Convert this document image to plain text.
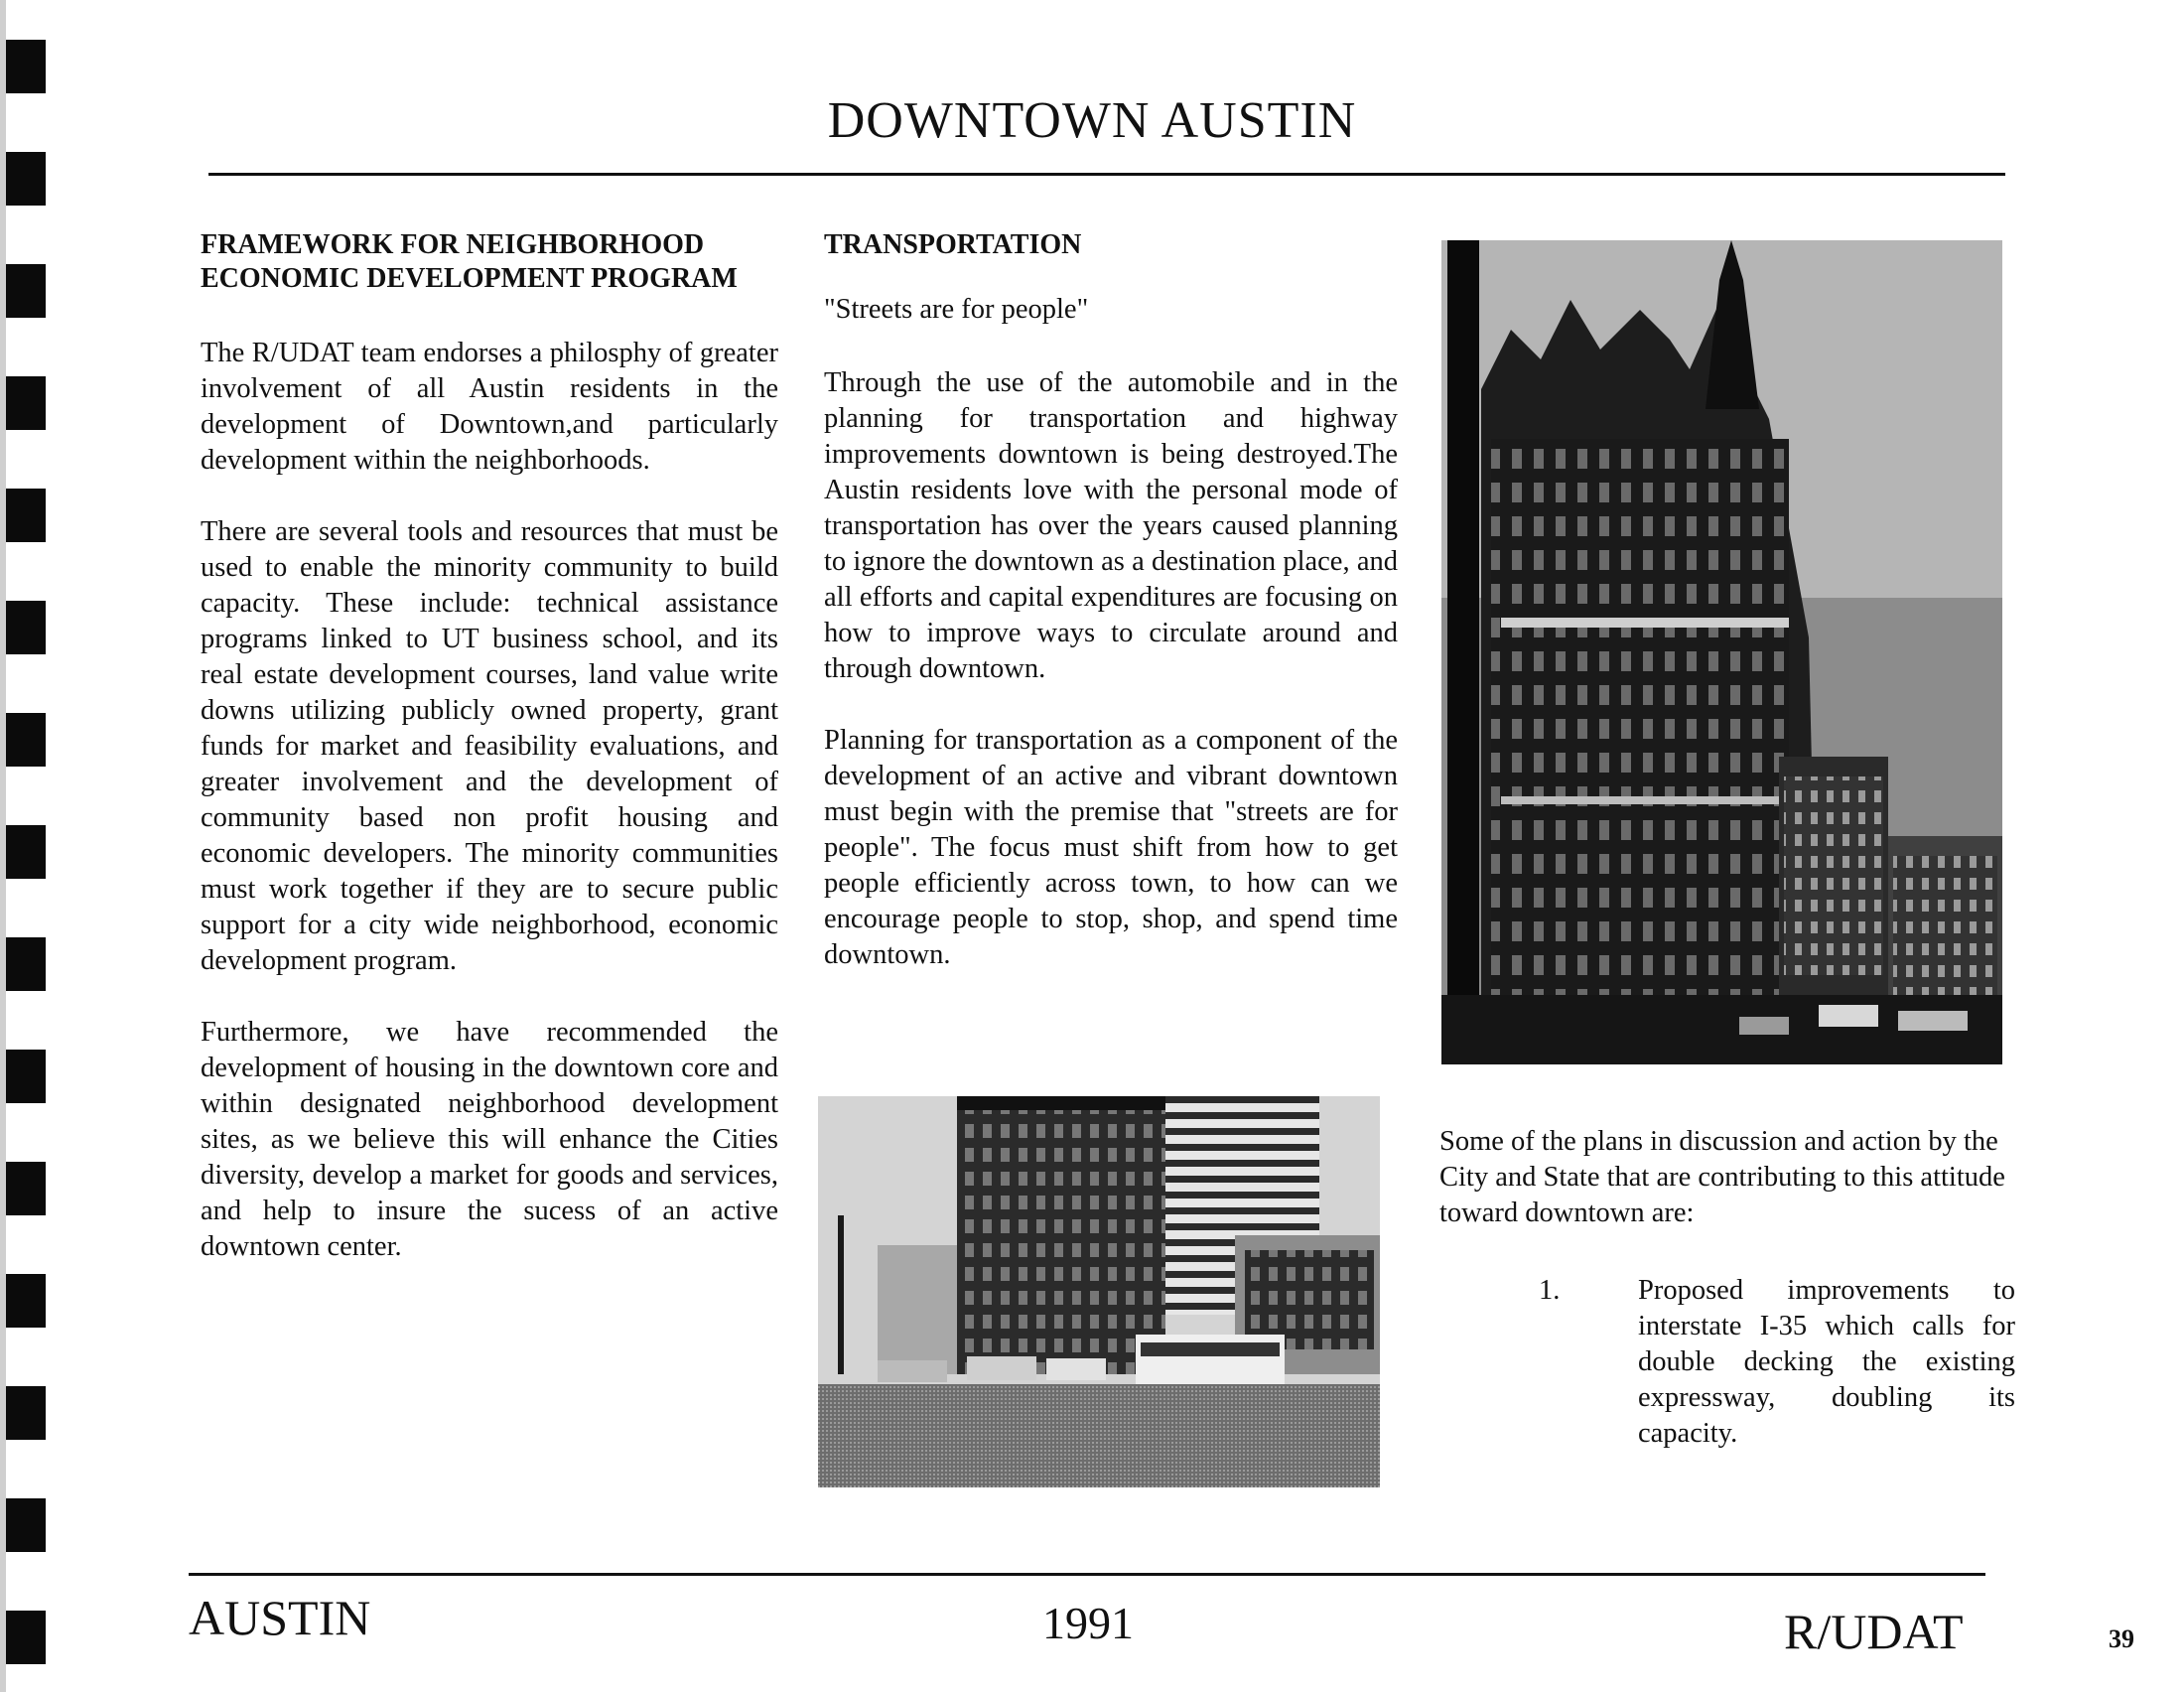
DOWNTOWN AUSTIN
FRAMEWORK FOR NEIGHBORHOOD
ECONOMIC DEVELOPMENT PROGRAM

The R/UDAT team endorses a philosphy of greater involvement of all Austin residents in the development of Downtown,and particularly development within the neighborhoods.

There are several tools and resources that must be used to enable the minority community to build capacity. These include: technical assistance programs linked to UT business school, and its real estate development courses, land value write downs utilizing publicly owned property, grant funds for market and feasibility evaluations, and greater involvement and the development of community based non profit housing and economic developers. The minority communities must work together if they are to secure public support for a city wide neighborhood, economic development program.

Furthermore, we have recommended the development of housing in the downtown core and within designated neighborhood development sites, as we believe this will enhance the Cities diversity, develop a market for goods and services, and help to insure the sucess of an active downtown center.

TRANSPORTATION

"Streets are for people"

Through the use of the automobile and in the planning for transportation and highway improvements downtown is being destroyed.The Austin residents love with the personal mode of transportation has over the years caused planning to ignore the downtown as a destination place, and all efforts and capital expenditures are focusing on how to improve ways to circulate around and through downtown.

Planning for transportation as a component of the development of an active and vibrant downtown must begin with the premise that "streets are for people". The focus must shift from how to get people efficiently across town, to how can we encourage people to stop, shop, and spend time downtown.

Some of the plans in discussion and action by the City and State that are contributing to this attitude toward downtown are:

1.	Proposed improvements to interstate I-35 which calls for double decking the existing expressway, doubling its capacity.
AUSTIN	1991	R/UDAT	39
